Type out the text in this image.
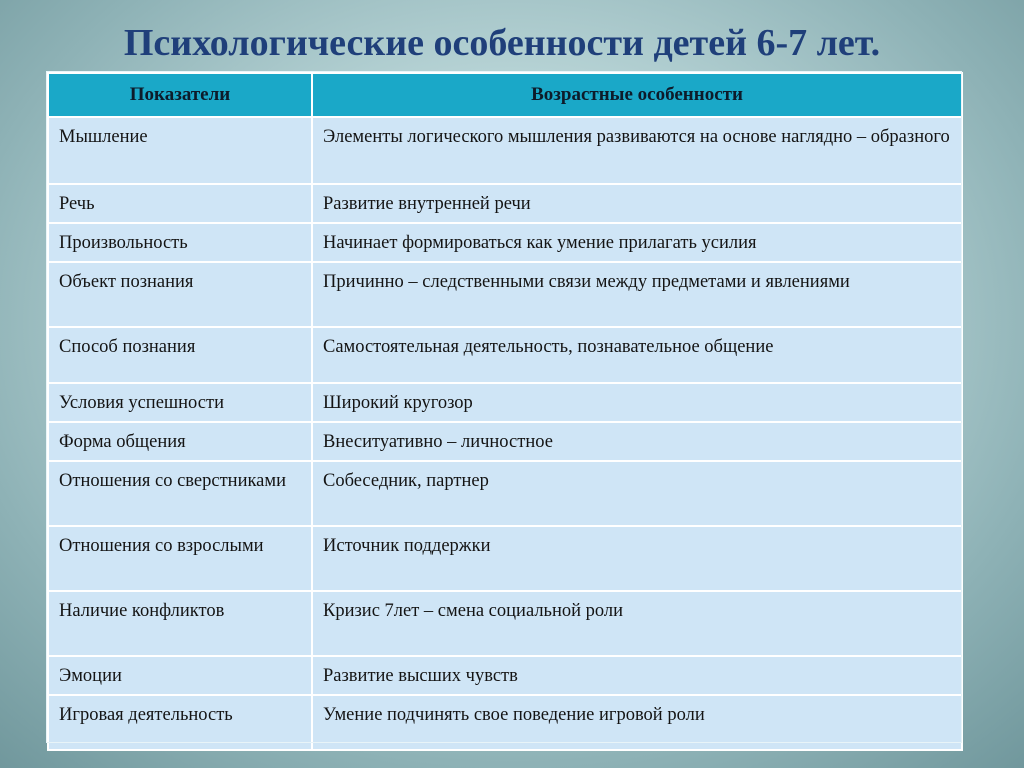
Психологические особенности детей 6-7 лет.
Показатели	Возрастные особенности
Мышление	Элементы логического мышления развиваются на основе наглядно – образного
Речь	Развитие внутренней речи
Произвольность	Начинает формироваться как умение прилагать усилия
Объект познания	Причинно – следственными связи между предметами и явлениями
Способ познания	Самостоятельная деятельность, познавательное общение
Условия успешности	Широкий кругозор
Форма общения	Внеситуативно – личностное
Отношения со сверстниками	Собеседник, партнер
Отношения со взрослыми	Источник поддержки
Наличие конфликтов	Кризис 7лет – смена социальной роли
Эмоции	Развитие высших чувств
Игровая деятельность	Умение подчинять свое поведение игровой роли
